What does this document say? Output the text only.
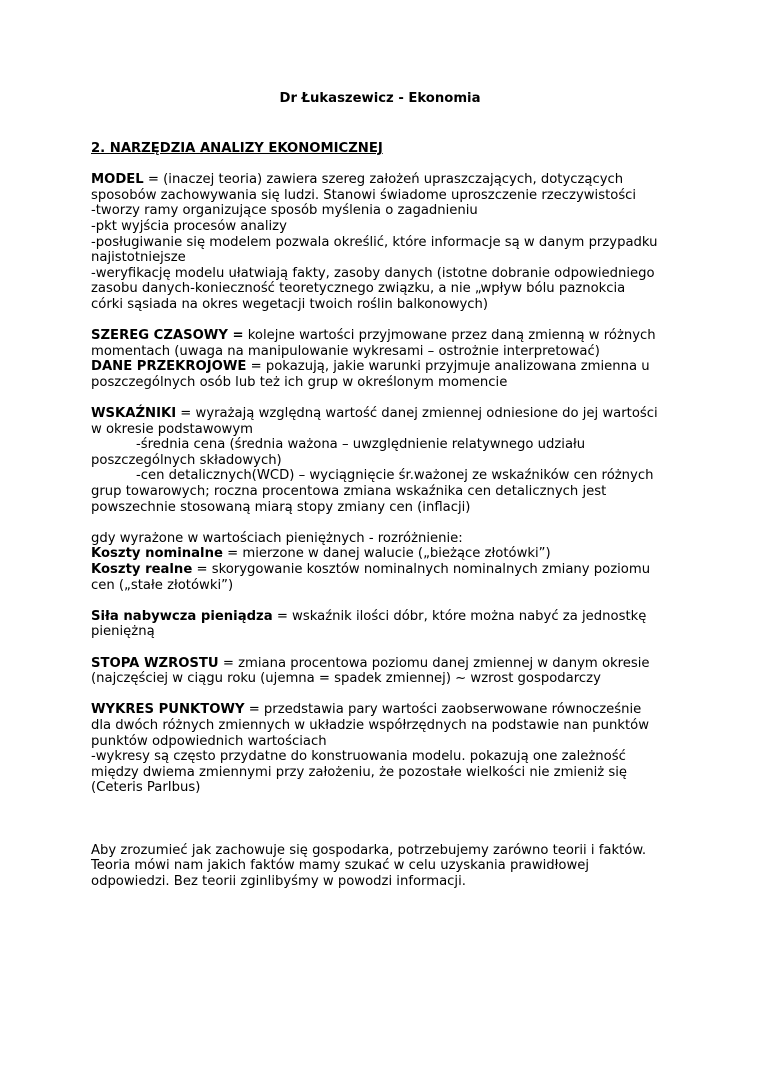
Dr Łukaszewicz - Ekonomia
2. NARZĘDZIA ANALIZY EKONOMICZNEJ
MODEL = (inaczej teoria) zawiera szereg założeń upraszczających, dotyczących
sposobów zachowywania się ludzi. Stanowi świadome uproszczenie rzeczywistości
-tworzy ramy organizujące sposób myślenia o zagadnieniu
-pkt wyjścia procesów analizy
-posługiwanie się modelem pozwala określić, które informacje są w danym przypadku
najistotniejsze
-weryfikację modelu ułatwiają fakty, zasoby danych (istotne dobranie odpowiedniego
zasobu danych-konieczność teoretycznego związku, a nie „wpływ bólu paznokcia
córki sąsiada na okres wegetacji twoich roślin balkonowych)
SZEREG CZASOWY = kolejne wartości przyjmowane przez daną zmienną w różnych
momentach (uwaga na manipulowanie wykresami – ostrożnie interpretować)
DANE PRZEKROJOWE = pokazują, jakie warunki przyjmuje analizowana zmienna u
poszczególnych osób lub też ich grup w określonym momencie
WSKAŹNIKI = wyrażają względną wartość danej zmiennej odniesione do jej wartości
w okresie podstawowym
-średnia cena (średnia ważona – uwzględnienie relatywnego udziału
poszczególnych składowych)
-cen detalicznych(WCD) – wyciągnięcie śr.ważonej ze wskaźników cen różnych
grup towarowych; roczna procentowa zmiana wskaźnika cen detalicznych jest
powszechnie stosowaną miarą stopy zmiany cen (inflacji)
gdy wyrażone w wartościach pieniężnych - rozróżnienie:
Koszty nominalne = mierzone w danej walucie („bieżące złotówki”)
Koszty realne = skorygowanie kosztów nominalnych nominalnych zmiany poziomu
cen („stałe złotówki”)
Siła nabywcza pieniądza = wskaźnik ilości dóbr, które można nabyć za jednostkę
pieniężną
STOPA WZROSTU = zmiana procentowa poziomu danej zmiennej w danym okresie
(najczęściej w ciągu roku (ujemna = spadek zmiennej) ~ wzrost gospodarczy
WYKRES PUNKTOWY = przedstawia pary wartości zaobserwowane równocześnie
dla dwóch różnych zmiennych w układzie współrzędnych na podstawie nan punktów
punktów odpowiednich wartościach
-wykresy są często przydatne do konstruowania modelu. pokazują one zależność
między dwiema zmiennymi przy założeniu, że pozostałe wielkości nie zmieniż się
(Ceteris ParIbus)
Aby zrozumieć jak zachowuje się gospodarka, potrzebujemy zarówno teorii i faktów.
Teoria mówi nam jakich faktów mamy szukać w celu uzyskania prawidłowej
odpowiedzi. Bez teorii zginlibyśmy w powodzi informacji.
